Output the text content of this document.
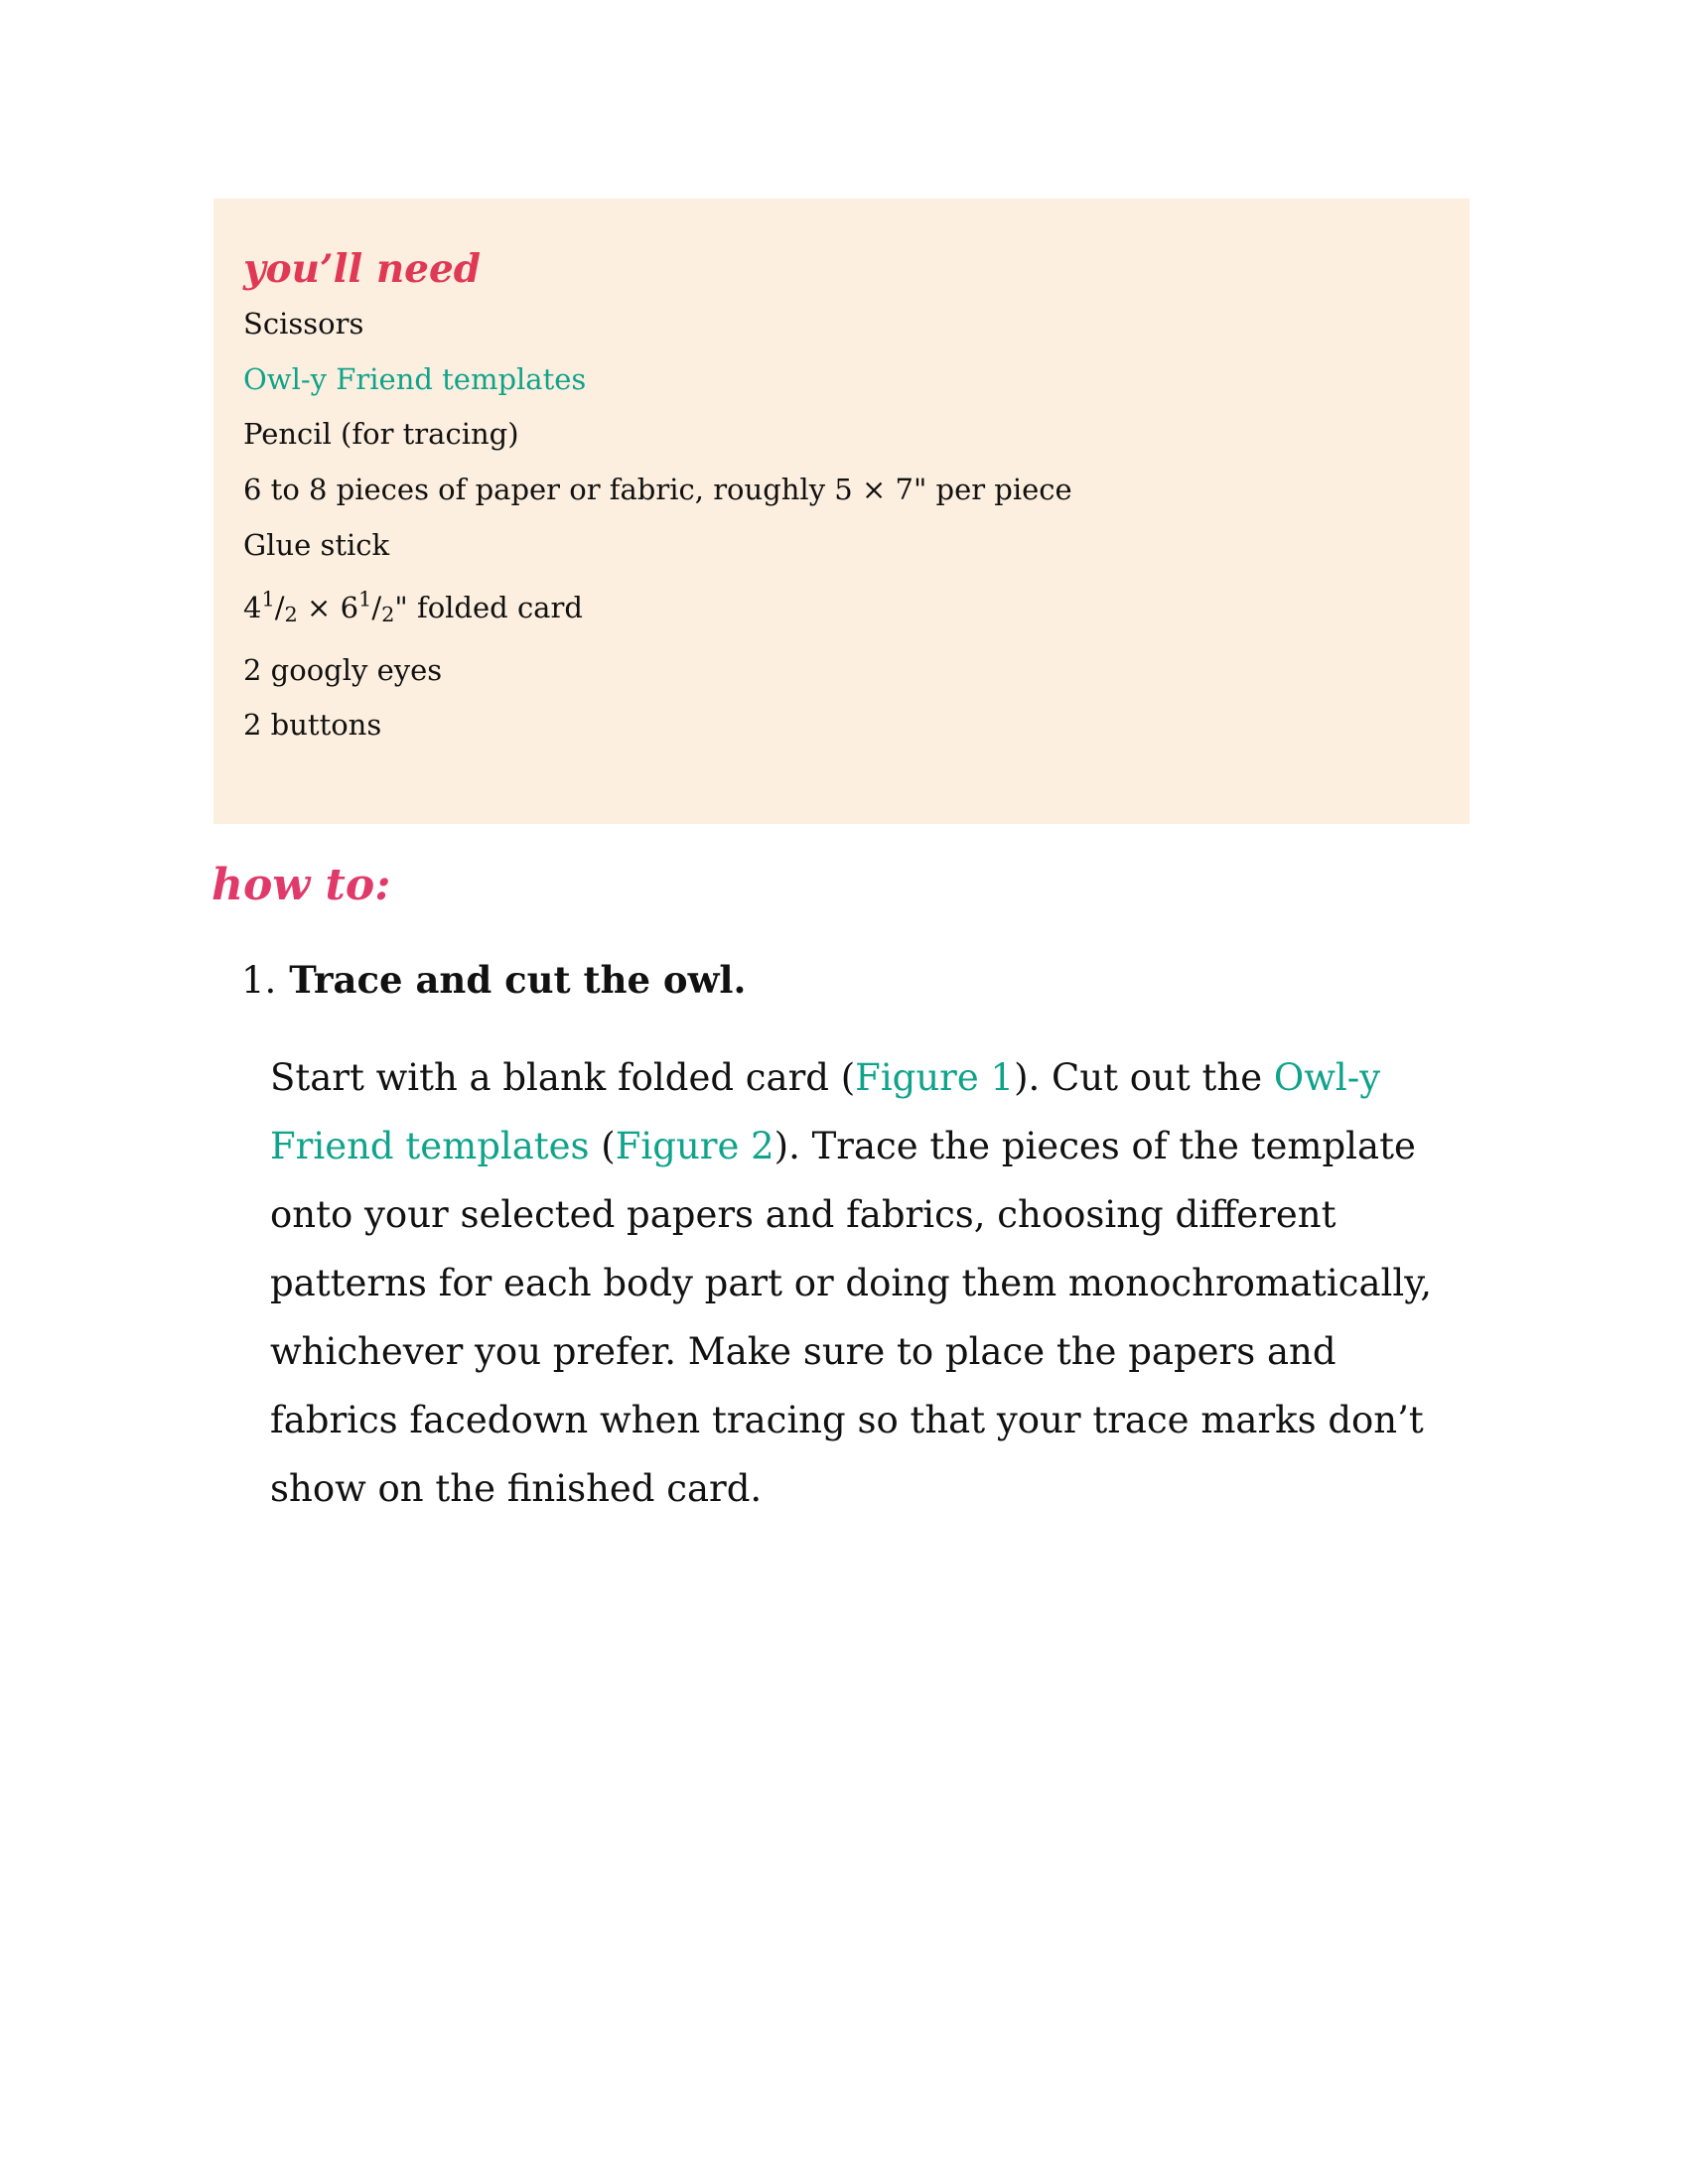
you’ll need
Scissors
Owl-y Friend templates
Pencil (for tracing)
6 to 8 pieces of paper or fabric, roughly 5 × 7" per piece
Glue stick
$4^1/_2 \times 6^1/_2$" folded card
2 googly eyes
2 buttons
how to:
1. Trace and cut the owl.

Start with a blank folded card (Figure 1). Cut out the Owl-y Friend templates (Figure 2). Trace the pieces of the template onto your selected papers and fabrics, choosing different patterns for each body part or doing them monochromatically, whichever you prefer. Make sure to place the papers and fabrics facedown when tracing so that your trace marks don’t show on the finished card.
